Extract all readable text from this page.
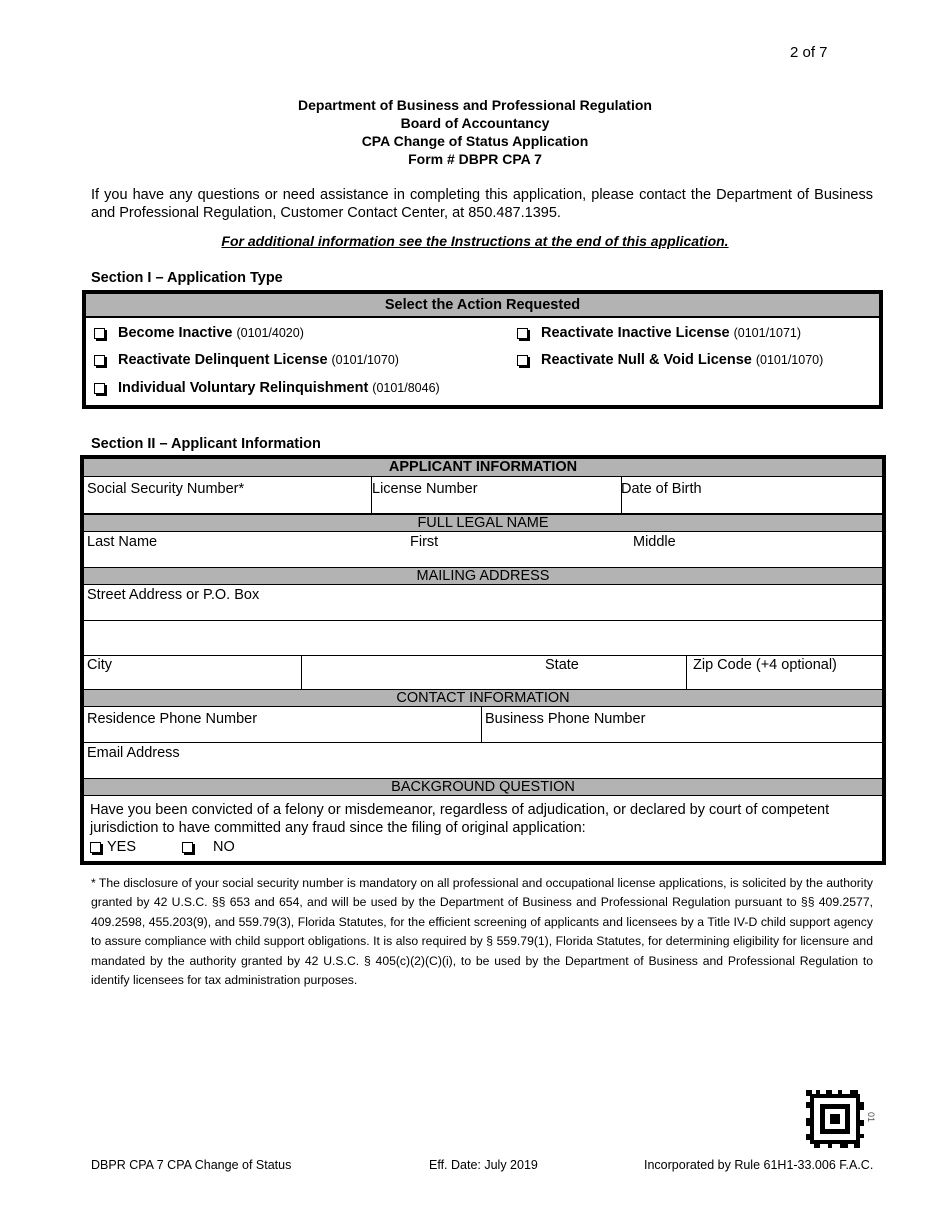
2 of 7
Department of Business and Professional Regulation
Board of Accountancy
CPA Change of Status Application
Form # DBPR CPA 7
If you have any questions or need assistance in completing this application, please contact the Department of Business and Professional Regulation, Customer Contact Center, at 850.487.1395.
For additional information see the Instructions at the end of this application.
Section I – Application Type
Select the Action Requested
Become Inactive (0101/4020)	Reactivate Inactive License (0101/1071)
Reactivate Delinquent License (0101/1070)	Reactivate Null & Void License (0101/1070)
Individual Voluntary Relinquishment (0101/8046)
Section II – Applicant Information
APPLICANT INFORMATION
Social Security Number*	License Number	Date of Birth
FULL LEGAL NAME
Last Name	First	Middle
MAILING ADDRESS
Street Address or P.O. Box
City	State	Zip Code (+4 optional)
CONTACT INFORMATION
Residence Phone Number	Business Phone Number
Email Address
BACKGROUND QUESTION
Have you been convicted of a felony or misdemeanor, regardless of adjudication, or declared by court of competent jurisdiction to have committed any fraud since the filing of original application:
YES	NO
* The disclosure of your social security number is mandatory on all professional and occupational license applications, is solicited by the authority granted by 42 U.S.C. §§ 653 and 654, and will be used by the Department of Business and Professional Regulation pursuant to §§ 409.2577, 409.2598, 455.203(9), and 559.79(3), Florida Statutes, for the efficient screening of applicants and licensees by a Title IV-D child support agency to assure compliance with child support obligations. It is also required by § 559.79(1), Florida Statutes, for determining eligibility for licensure and mandated by the authority granted by 42 U.S.C. § 405(c)(2)(C)(i), to be used by the Department of Business and Professional Regulation to identify licensees for tax administration purposes.
01
DBPR CPA 7 CPA Change of Status	Eff. Date: July 2019	Incorporated by Rule 61H1-33.006 F.A.C.
